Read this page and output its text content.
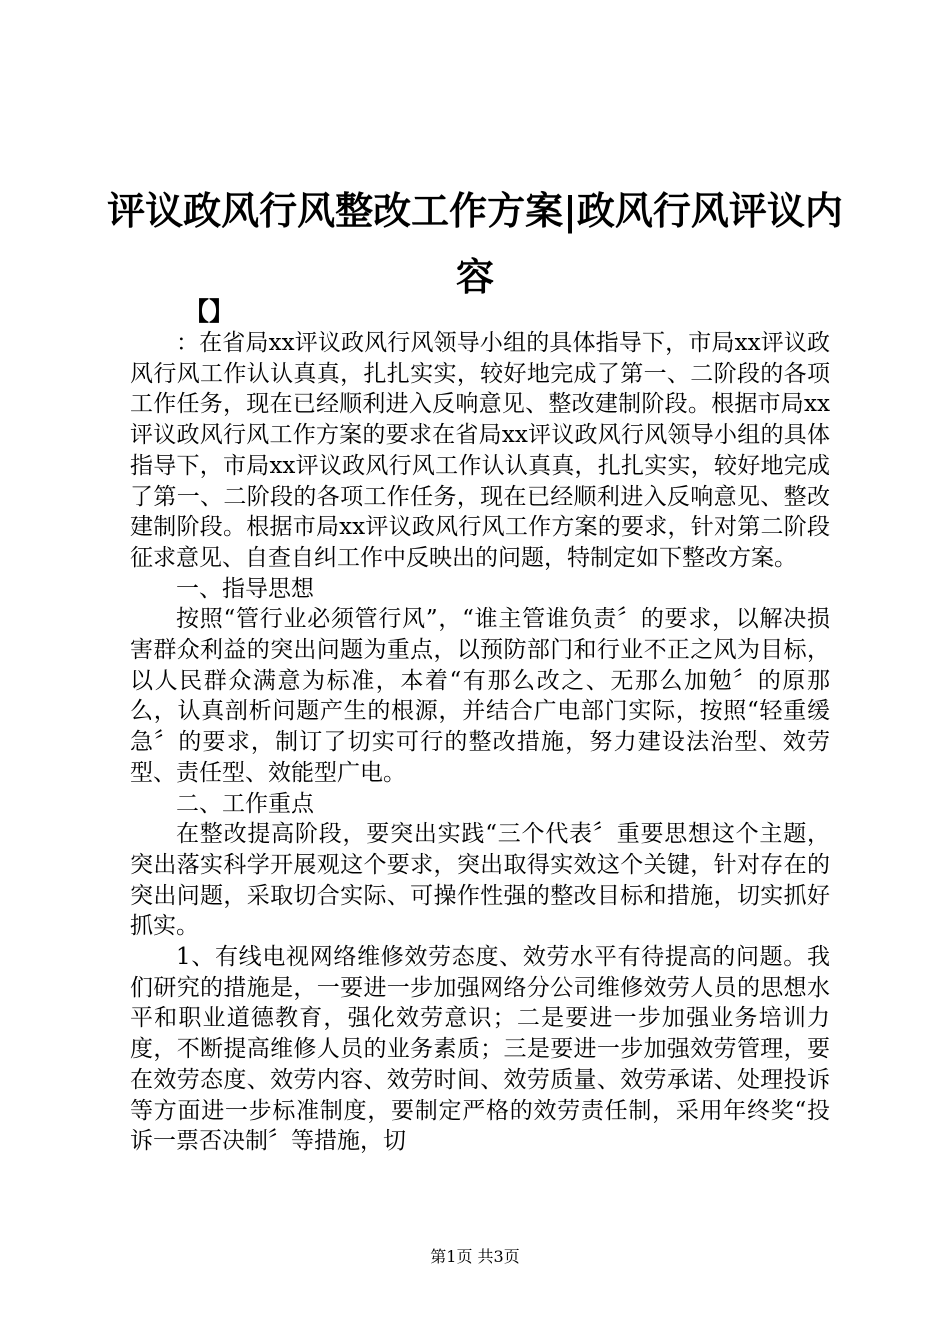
评议政风行风整改工作方案|政风行风评议内容
【】

：在省局xx评议政风行风领导小组的具体指导下，市局xx评议政风行风工作认认真真，扎扎实实，较好地完成了第一、二阶段的各项工作任务，现在已经顺利进入反响意见、整改建制阶段。根据市局xx评议政风行风工作方案的要求在省局xx评议政风行风领导小组的具体指导下，市局xx评议政风行风工作认认真真，扎扎实实，较好地完成了第一、二阶段的各项工作任务，现在已经顺利进入反响意见、整改建制阶段。根据市局xx评议政风行风工作方案的要求，针对第二阶段征求意见、自查自纠工作中反映出的问题，特制定如下整改方案。

一、指导思想

按照“管行业必须管行风”，“谁主管谁负责〞的要求，以解决损害群众利益的突出问题为重点，以预防部门和行业不正之风为目标，以人民群众满意为标准，本着“有那么改之、无那么加勉〞的原那么，认真剖析问题产生的根源，并结合广电部门实际，按照“轻重缓急〞的要求，制订了切实可行的整改措施，努力建设法治型、效劳型、责任型、效能型广电。

二、工作重点

在整改提高阶段，要突出实践“三个代表〞重要思想这个主题，突出落实科学开展观这个要求，突出取得实效这个关键，针对存在的突出问题，采取切合实际、可操作性强的整改目标和措施，切实抓好抓实。

1、有线电视网络维修效劳态度、效劳水平有待提高的问题。我们研究的措施是，一要进一步加强网络分公司维修效劳人员的思想水平和职业道德教育，强化效劳意识；二是要进一步加强业务培训力度，不断提高维修人员的业务素质；三是要进一步加强效劳管理，要在效劳态度、效劳内容、效劳时间、效劳质量、效劳承诺、处理投诉等方面进一步标准制度，要制定严格的效劳责任制，采用年终奖“投诉一票否决制〞等措施，切

第1页 共3页
